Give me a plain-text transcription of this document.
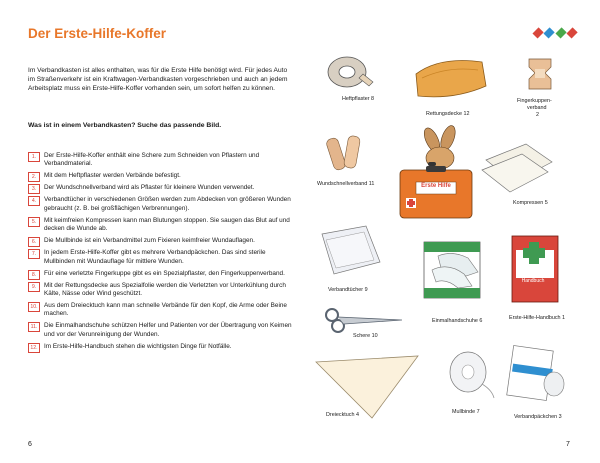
Der Erste-Hilfe-Koffer
Im Verbandkasten ist alles enthalten, was für die Erste Hilfe benötigt wird. Für jedes Auto im Straßenverkehr ist ein Kraftwagen-Verbandkasten vorgeschrieben und auch an jedem Arbeitsplatz muss ein Erste-Hilfe-Koffer vorhanden sein, um sofort helfen zu können.
Was ist in einem Verbandkasten? Suche das passende Bild.
1.	Der Erste-Hilfe-Koffer enthält eine Schere zum Schneiden von Pflastern und Verbandmaterial.
2.	Mit dem Heftpflaster werden Verbände befestigt.
3.	Der Wundschnellverband wird als Pflaster für kleinere Wunden verwendet.
4.	Verbandtücher in verschiedenen Größen werden zum Abdecken von größeren Wunden gebraucht (z. B. bei großflächigen Verbrennungen).
5.	Mit keimfreien Kompressen kann man Blutungen stoppen. Sie saugen das Blut auf und decken die Wunde ab.
6.	Die Mullbinde ist ein Verbandmittel zum Fixieren keimfreier Wundauflagen.
7.	In jedem Erste-Hilfe-Koffer gibt es mehrere Verbandpäckchen. Das sind sterile Mullbinden mit Wundauflage für mittlere Wunden.
8.	Für eine verletzte Fingerkuppe gibt es ein Spezialpflaster, den Fingerkuppenverband.
9.	Mit der Rettungsdecke aus Spezialfolie werden die Verletzten vor Unterkühlung durch Kälte, Nässe oder Wind geschützt.
10. Aus dem Dreiecktuch kann man schnelle Verbände für den Kopf, die Arme oder Beine machen.
11.	Die Einmalhandschuhe schützen Helfer und Patienten vor der Übertragung von Keimen und vor der Verunreinigung der Wunden.
12. Im Erste-Hilfe-Handbuch stehen die wichtigsten Dinge für Notfälle.
6	7
Heftpflaster 8
Rettungsdecke 12
Fingerkuppen-
verband
2
Wundschnellverband 11	Erste Hilfe
Kompressen 5
Verbandtücher 9
Einmalhandschuhe 6
Erste-Hilfe-Handbuch
Erste-Hilfe-Handbuch 1
Schere 10
Dreiecktuch 4	Mullbinde 7
Verbandpäckchen 3
